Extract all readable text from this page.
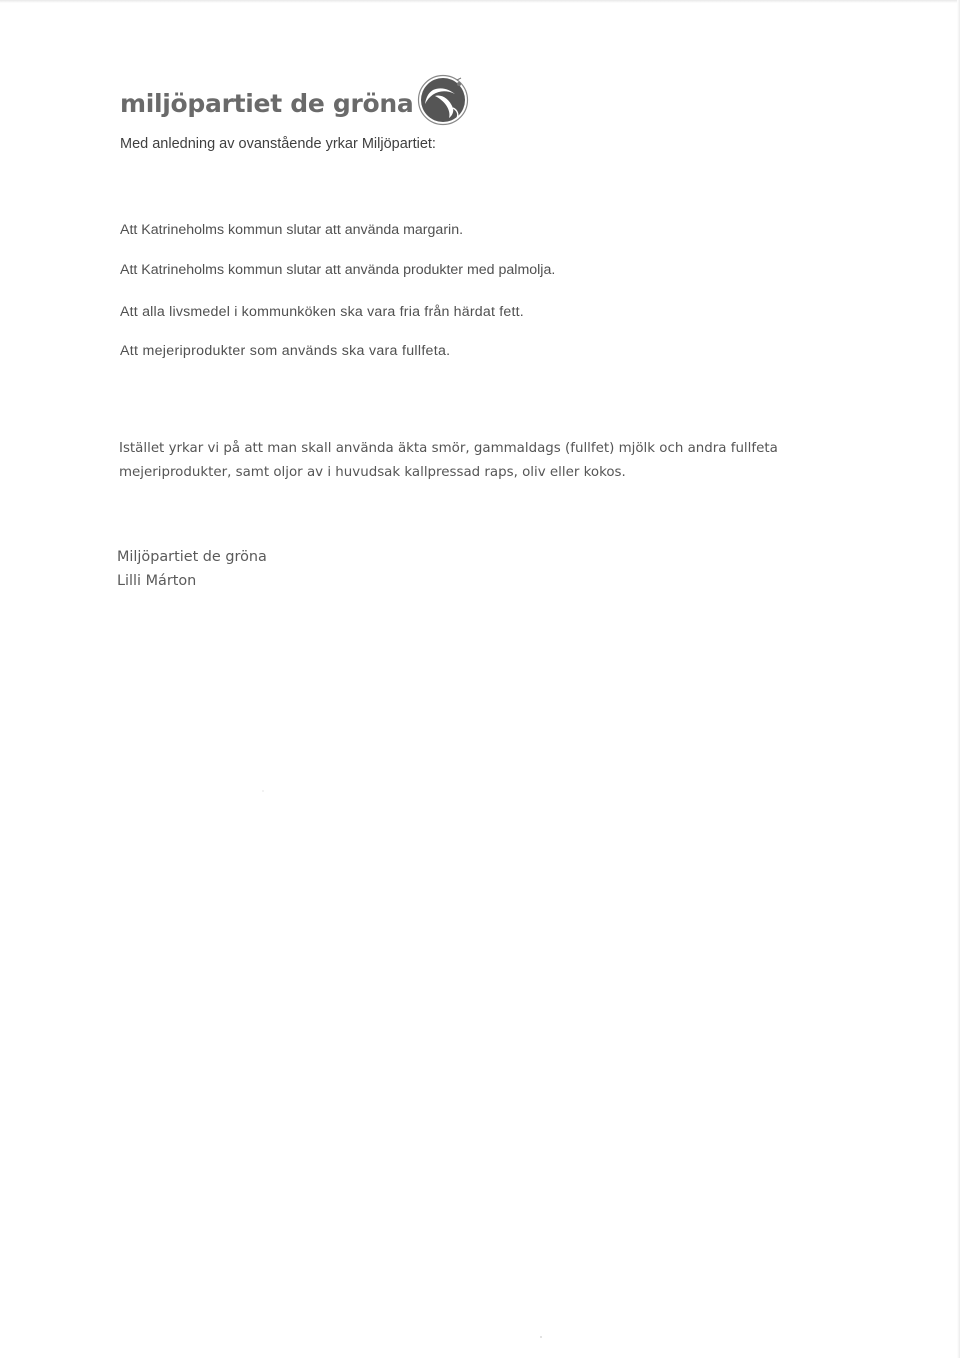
miljöpartiet de gröna

Med anledning av ovanstående yrkar Miljöpartiet:

Att Katrineholms kommun slutar att använda margarin.
Att Katrineholms kommun slutar att använda produkter med palmolja.
Att alla livsmedel i kommunköken ska vara fria från härdat fett.
Att mejeriprodukter som används ska vara fullfeta.

Istället yrkar vi på att man skall använda äkta smör, gammaldags (fullfet) mjölk och andra fullfeta mejeriprodukter, samt oljor av i huvudsak kallpressad raps, oliv eller kokos.

Miljöpartiet de gröna
Lilli Márton
